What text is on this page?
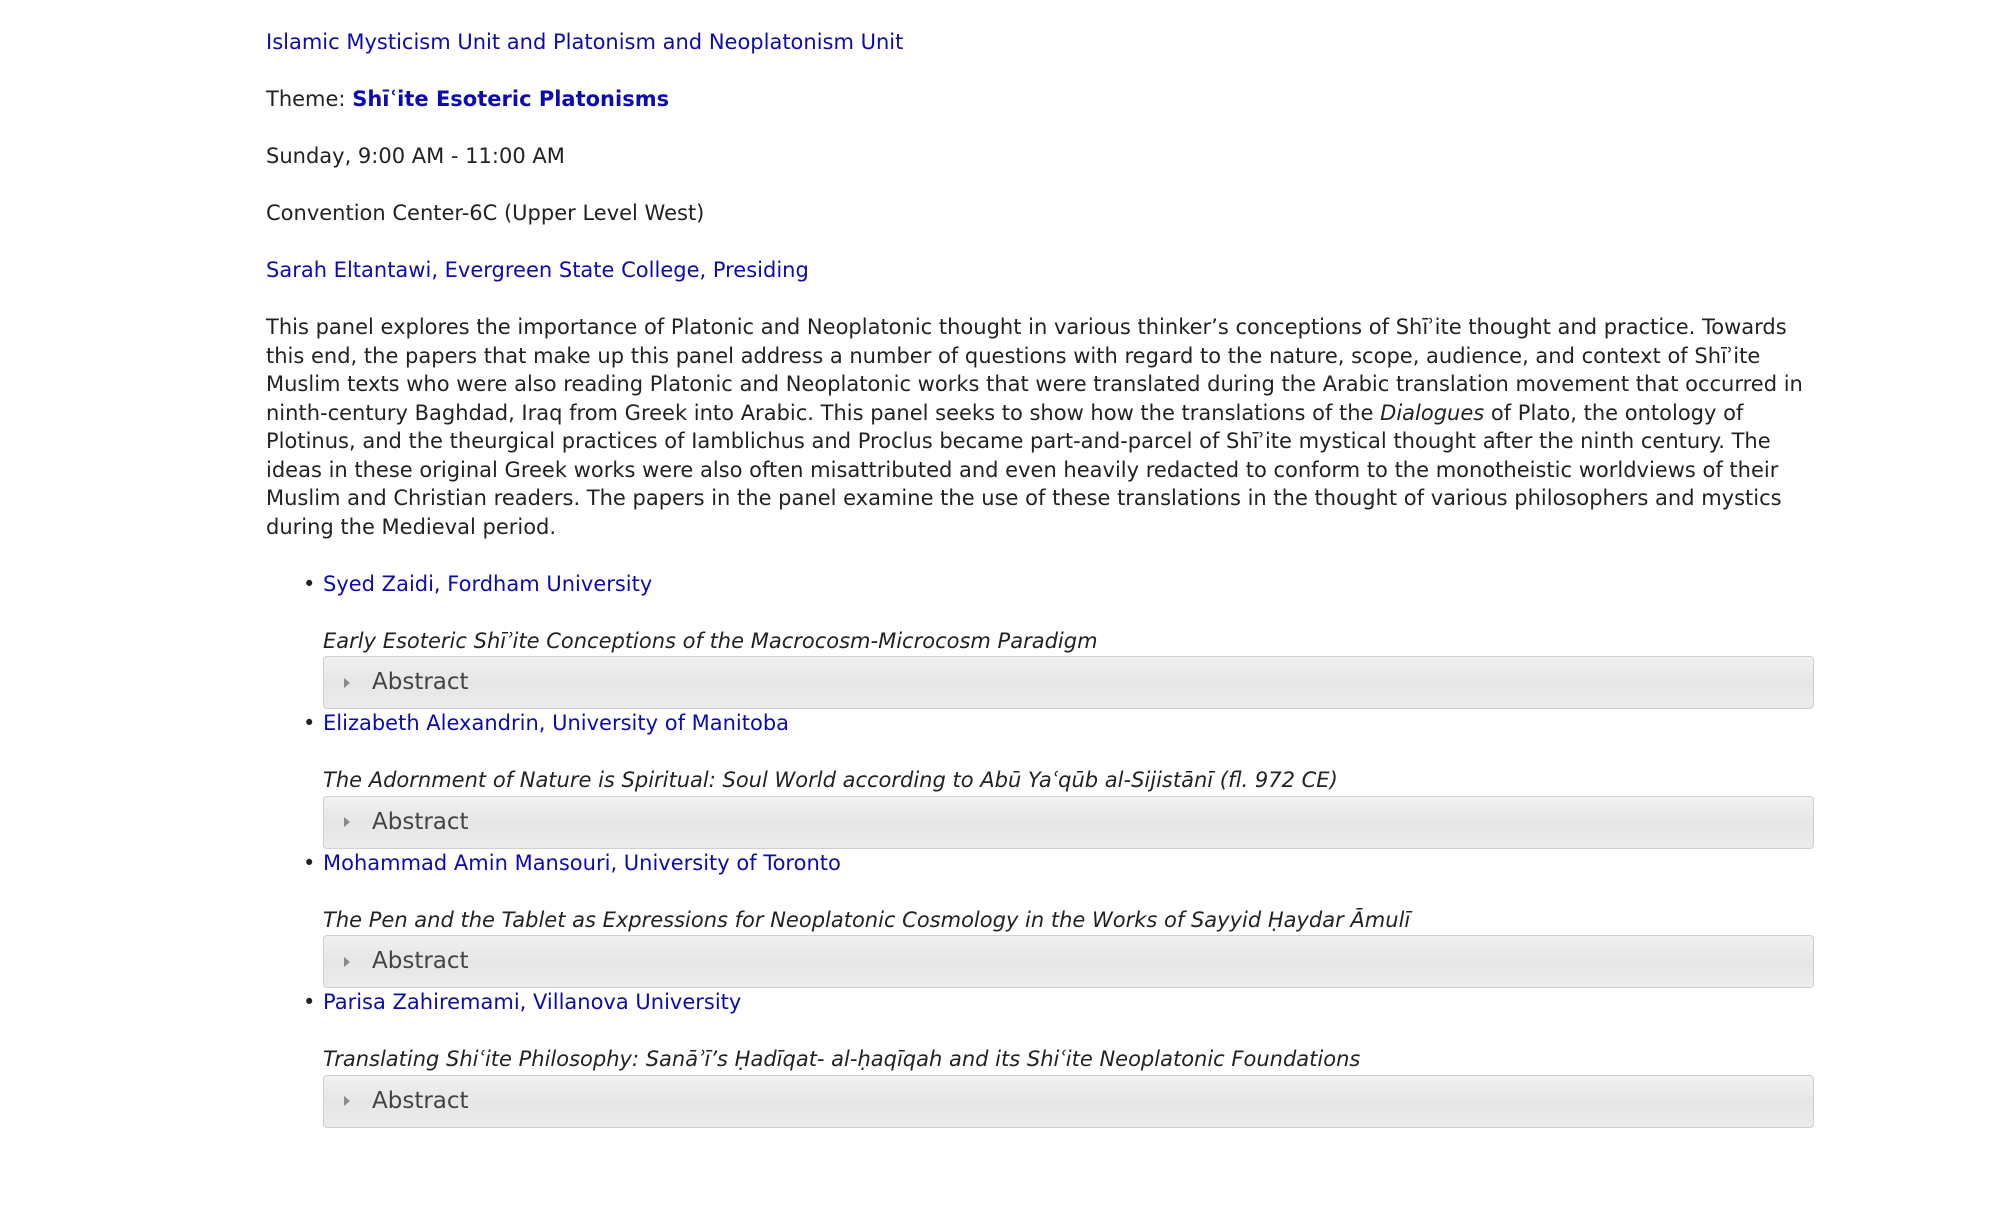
Islamic Mysticism Unit and Platonism and Neoplatonism Unit
Theme: Shīʿite Esoteric Platonisms
Sunday, 9:00 AM - 11:00 AM
Convention Center-6C (Upper Level West)
Sarah Eltantawi, Evergreen State College, Presiding
This panel explores the importance of Platonic and Neoplatonic thought in various thinker’s conceptions of Shīʾite thought and practice. Towards this end, the papers that make up this panel address a number of questions with regard to the nature, scope, audience, and context of Shīʾite Muslim texts who were also reading Platonic and Neoplatonic works that were translated during the Arabic translation movement that occurred in ninth-century Baghdad, Iraq from Greek into Arabic. This panel seeks to show how the translations of the Dialogues of Plato, the ontology of Plotinus, and the theurgical practices of Iamblichus and Proclus became part-and-parcel of Shīʾite mystical thought after the ninth century. The ideas in these original Greek works were also often misattributed and even heavily redacted to conform to the monotheistic worldviews of their Muslim and Christian readers. The papers in the panel examine the use of these translations in the thought of various philosophers and mystics during the Medieval period.
• Syed Zaidi, Fordham University
Early Esoteric Shīʾite Conceptions of the Macrocosm-Microcosm Paradigm
Abstract
• Elizabeth Alexandrin, University of Manitoba
The Adornment of Nature is Spiritual: Soul World according to Abū Yaʿqūb al-Sijistānī (fl. 972 CE)
Abstract
• Mohammad Amin Mansouri, University of Toronto
The Pen and the Tablet as Expressions for Neoplatonic Cosmology in the Works of Sayyid Ḥaydar Āmulī
Abstract
• Parisa Zahiremami, Villanova University
Translating Shiʿite Philosophy: Sanāʾī’s Ḥadīqat- al-ḥaqīqah and its Shiʿite Neoplatonic Foundations
Abstract
